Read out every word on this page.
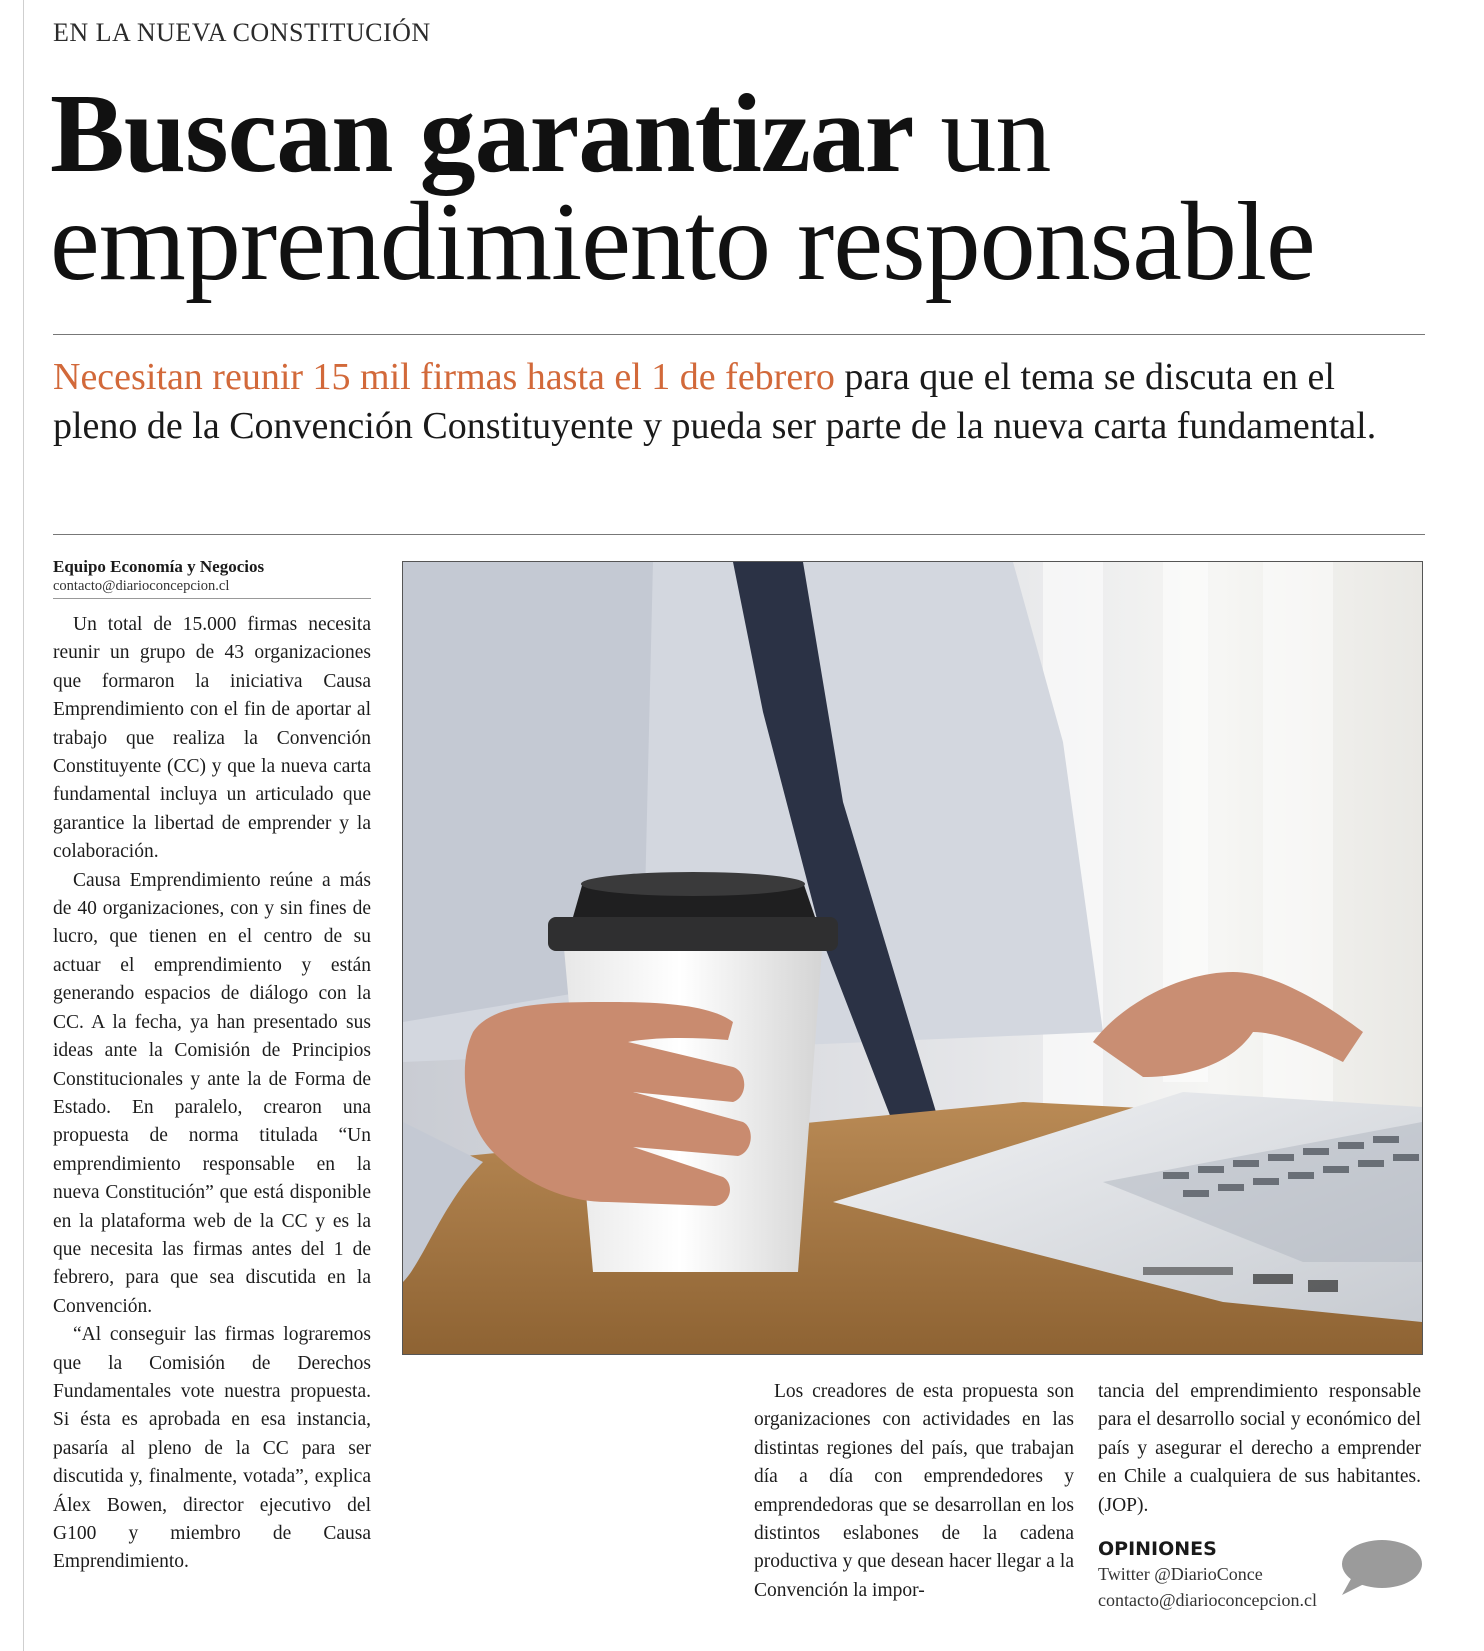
EN LA NUEVA CONSTITUCIÓN
Buscan garantizar un emprendimiento responsable

Necesitan reunir 15 mil firmas hasta el 1 de febrero para que el tema se discuta en el pleno de la Convención Constituyente y pueda ser parte de la nueva carta fundamental.

Equipo Economía y Negocios
contacto@diarioconcepcion.cl

Un total de 15.000 firmas necesita reunir un grupo de 43 organizaciones que formaron la iniciativa Causa Emprendimiento con el fin de aportar al trabajo que realiza la Convención Constituyente (CC) y que la nueva carta fundamental incluya un articulado que garantice la libertad de emprender y la colaboración.

Causa Emprendimiento reúne a más de 40 organizaciones, con y sin fines de lucro, que tienen en el centro de su actuar el emprendimiento y están generando espacios de diálogo con la CC. A la fecha, ya han presentado sus ideas ante la Comisión de Principios Constitucionales y ante la de Forma de Estado. En paralelo, crearon una propuesta de norma titulada “Un emprendimiento responsable en la nueva Constitución” que está disponible en la plataforma web de la CC y es la que necesita las firmas antes del 1 de febrero, para que sea discutida en la Convención.

“Al conseguir las firmas lograremos que la Comisión de Derechos Fundamentales vote nuestra propuesta. Si ésta es aprobada en esa instancia, pasaría al pleno de la CC para ser discutida y, finalmente, votada”, explica Álex Bowen, director ejecutivo del G100 y miembro de Causa Emprendimiento.

Los creadores de esta propuesta son organizaciones con actividades en las distintas regiones del país, que trabajan día a día con emprendedores y emprendedoras que se desarrollan en los distintos eslabones de la cadena productiva y que desean hacer llegar a la Convención la impor-

tancia del emprendimiento responsable para el desarrollo social y económico del país y asegurar el derecho a emprender en Chile a cualquiera de sus habitantes. (JOP).

OPINIONES
Twitter @DiarioConce
contacto@diarioconcepcion.cl
